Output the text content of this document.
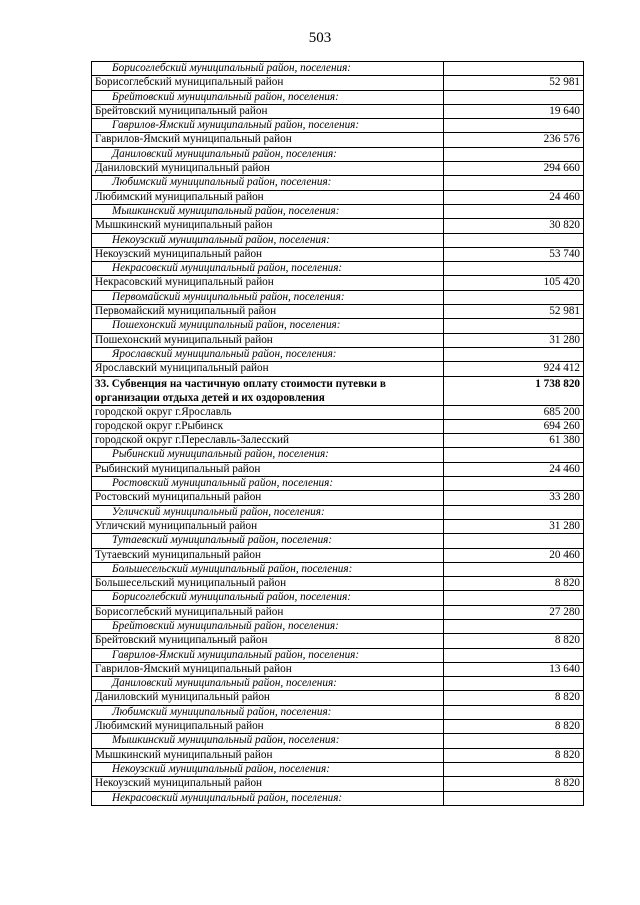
503
Борисоглебский муниципальный район, поселения:	
Борисоглебский муниципальный район	52 981
Брейтовский муниципальный район, поселения:	
Брейтовский муниципальный район	19 640
Гаврилов-Ямский муниципальный район, поселения:	
Гаврилов-Ямский муниципальный район	236 576
Даниловский муниципальный район, поселения:	
Даниловский муниципальный район	294 660
Любимский муниципальный район, поселения:	
Любимский муниципальный район	24 460
Мышкинский муниципальный район, поселения:	
Мышкинский муниципальный район	30 820
Некоузский муниципальный район, поселения:	
Некоузский муниципальный район	53 740
Некрасовский муниципальный район, поселения:	
Некрасовский муниципальный район	105 420
Первомайский муниципальный район, поселения:	
Первомайский муниципальный район	52 981
Пошехонский муниципальный район, поселения:	
Пошехонский муниципальный район	31 280
Ярославский муниципальный район, поселения:	
Ярославский муниципальный район	924 412
33. Субвенция на частичную оплату стоимости путевки в организации отдыха детей и их оздоровления	1 738 820
городской округ г.Ярославль	685 200
городской округ г.Рыбинск	694 260
городской округ г.Переславль-Залесский	61 380
Рыбинский муниципальный район, поселения:	
Рыбинский муниципальный район	24 460
Ростовский муниципальный район, поселения:	
Ростовский муниципальный район	33 280
Угличский муниципальный район, поселения:	
Угличский муниципальный район	31 280
Тутаевский муниципальный район, поселения:	
Тутаевский муниципальный район	20 460
Большесельский муниципальный район, поселения:	
Большесельский муниципальный район	8 820
Борисоглебский муниципальный район, поселения:	
Борисоглебский муниципальный район	27 280
Брейтовский муниципальный район, поселения:	
Брейтовский муниципальный район	8 820
Гаврилов-Ямский муниципальный район, поселения:	
Гаврилов-Ямский муниципальный район	13 640
Даниловский муниципальный район, поселения:	
Даниловский муниципальный район	8 820
Любимский муниципальный район, поселения:	
Любимский муниципальный район	8 820
Мышкинский муниципальный район, поселения:	
Мышкинский муниципальный район	8 820
Некоузский муниципальный район, поселения:	
Некоузский муниципальный район	8 820
Некрасовский муниципальный район, поселения:	
